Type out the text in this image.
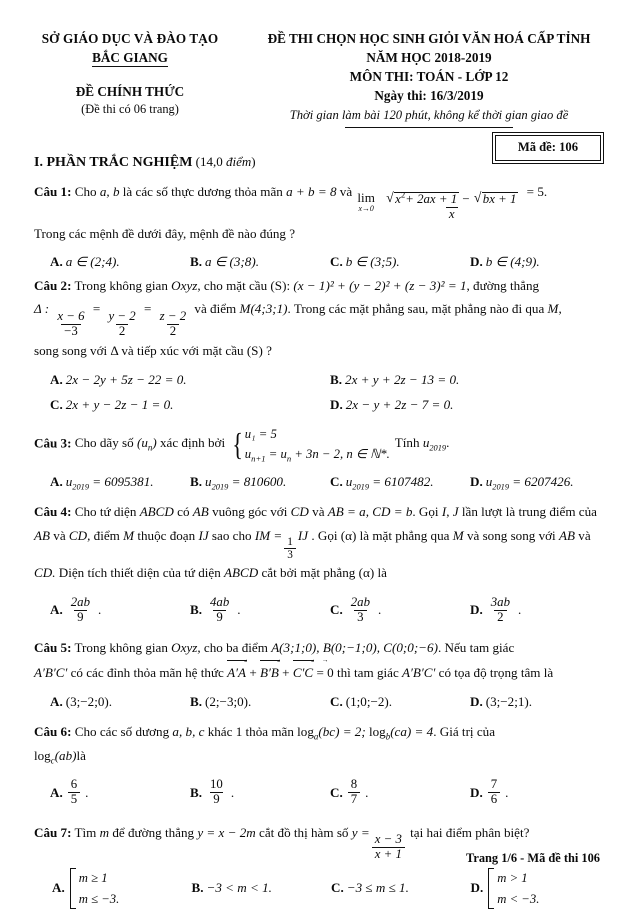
SỞ GIÁO DỤC VÀ ĐÀO TẠO
BẮC GIANG
ĐỀ CHÍNH THỨC
(Đề thi có 06 trang)
ĐỀ THI CHỌN HỌC SINH GIỎI VĂN HOÁ CẤP TỈNH
NĂM HỌC 2018-2019
MÔN THI: TOÁN - LỚP 12
Ngày thi: 16/3/2019
Thời gian làm bài 120 phút, không kể thời gian giao đề
Mã đề: 106
I. PHẦN TRẮC NGHIỆM (14,0 điểm)
Câu 1: Cho a, b là các số thực dương thỏa mãn a + b = 8 và lim
x→0
√ $\frac{x^2+ 2ax + 1 - √ bx + 1}{x}$
= 5.
Trong các mệnh đề dưới đây, mệnh đề nào đúng ?
A. a ∈ (2;4).	B. a ∈ (3;8).	C. b ∈ (3;5).	D. b ∈ (4;9).
Câu 2: Trong không gian Oxyz, cho mặt cầu (S): (x − 1)² + (y − 2)² + (z − 3)² = 1, đường thẳng
Δ :
$\frac{x - 6}{-3}$
=
$\frac{y - 2}{2}$
=
$\frac{z - 2}{2}$
và điểm M(4;3;1). Trong các mặt phẳng sau, mặt phẳng nào đi qua M,
song song với Δ và tiếp xúc với mặt cầu (S) ?
A. 2x − 2y + 5z − 22 = 0.	B. 2x + y + 2z − 13 = 0.
C. 2x + y − 2z − 1 = 0.	D. 2x − y + 2z − 7 = 0.
Câu 3: Cho dãy số $(u_n)$ xác định bởi { u₁ = 5
$u_{n+1} = u_n + 3n - 2$, n ∈ ℕ*.
Tính $u_{2019}$.
A. $u_{2019} = 6095381$.	B. $u_{2019} = 810600$.	C. $u_{2019} = 6107482$.	D. $u_{2019} = 6207426$.
Câu 4: Cho tứ diện ABCD có AB vuông góc với CD và AB = a, CD = b. Gọi I, J lần lượt là trung điểm của AB và CD, điểm M thuộc đoạn IJ sao cho IM =
$\frac{1}{3}$
IJ . Gọi (α) là mặt phẳng qua M và song song với AB và CD. Diện tích thiết diện của tứ diện ABCD cắt bởi mặt phẳng (α) là
A. $\frac{2ab}{9}$ .	B. $\frac{4ab}{9}$ .	C. $\frac{2ab}{3}$ .	D. $\frac{3ab}{2}$ .
Câu 5: Trong không gian Oxyz, cho ba điểm A(3;1;0), B(0;−1;0), C(0;0;−6). Nếu tam giác
A′B′C′ có các đỉnh thỏa mãn hệ thức A′A + B′B + C′C → = 0 thì tam giác A′B′C′ có tọa độ trọng tâm là
A. (3;−2;0).	B. (2;−3;0).	C. (1;0;−2).	D. (3;−2;1).
Câu 6: Cho các số dương a, b, c khác 1 thỏa mãn $\log_a(bc) = 2$; $\log_b(ca) = 4$. Giá trị của
$\log_c(ab)là$
A. $\frac{6}{5}$ .	B. $\frac{10}{9}$ .	C. $\frac{8}{7}$ .	D. $\frac{7}{6}$ .
Câu 7: Tìm m để đường thẳng y = x − 2m cắt đồ thị hàm số y =
$\frac{x - 3}{x + 1}$
tại hai điểm phân biệt?
A.
m ≥ 1
m ≤ −3.
B. −3 < m < 1.	C. −3 ≤ m ≤ 1.	D.
m > 1
m < −3.
Trang 1/6 - Mã đề thi 106
